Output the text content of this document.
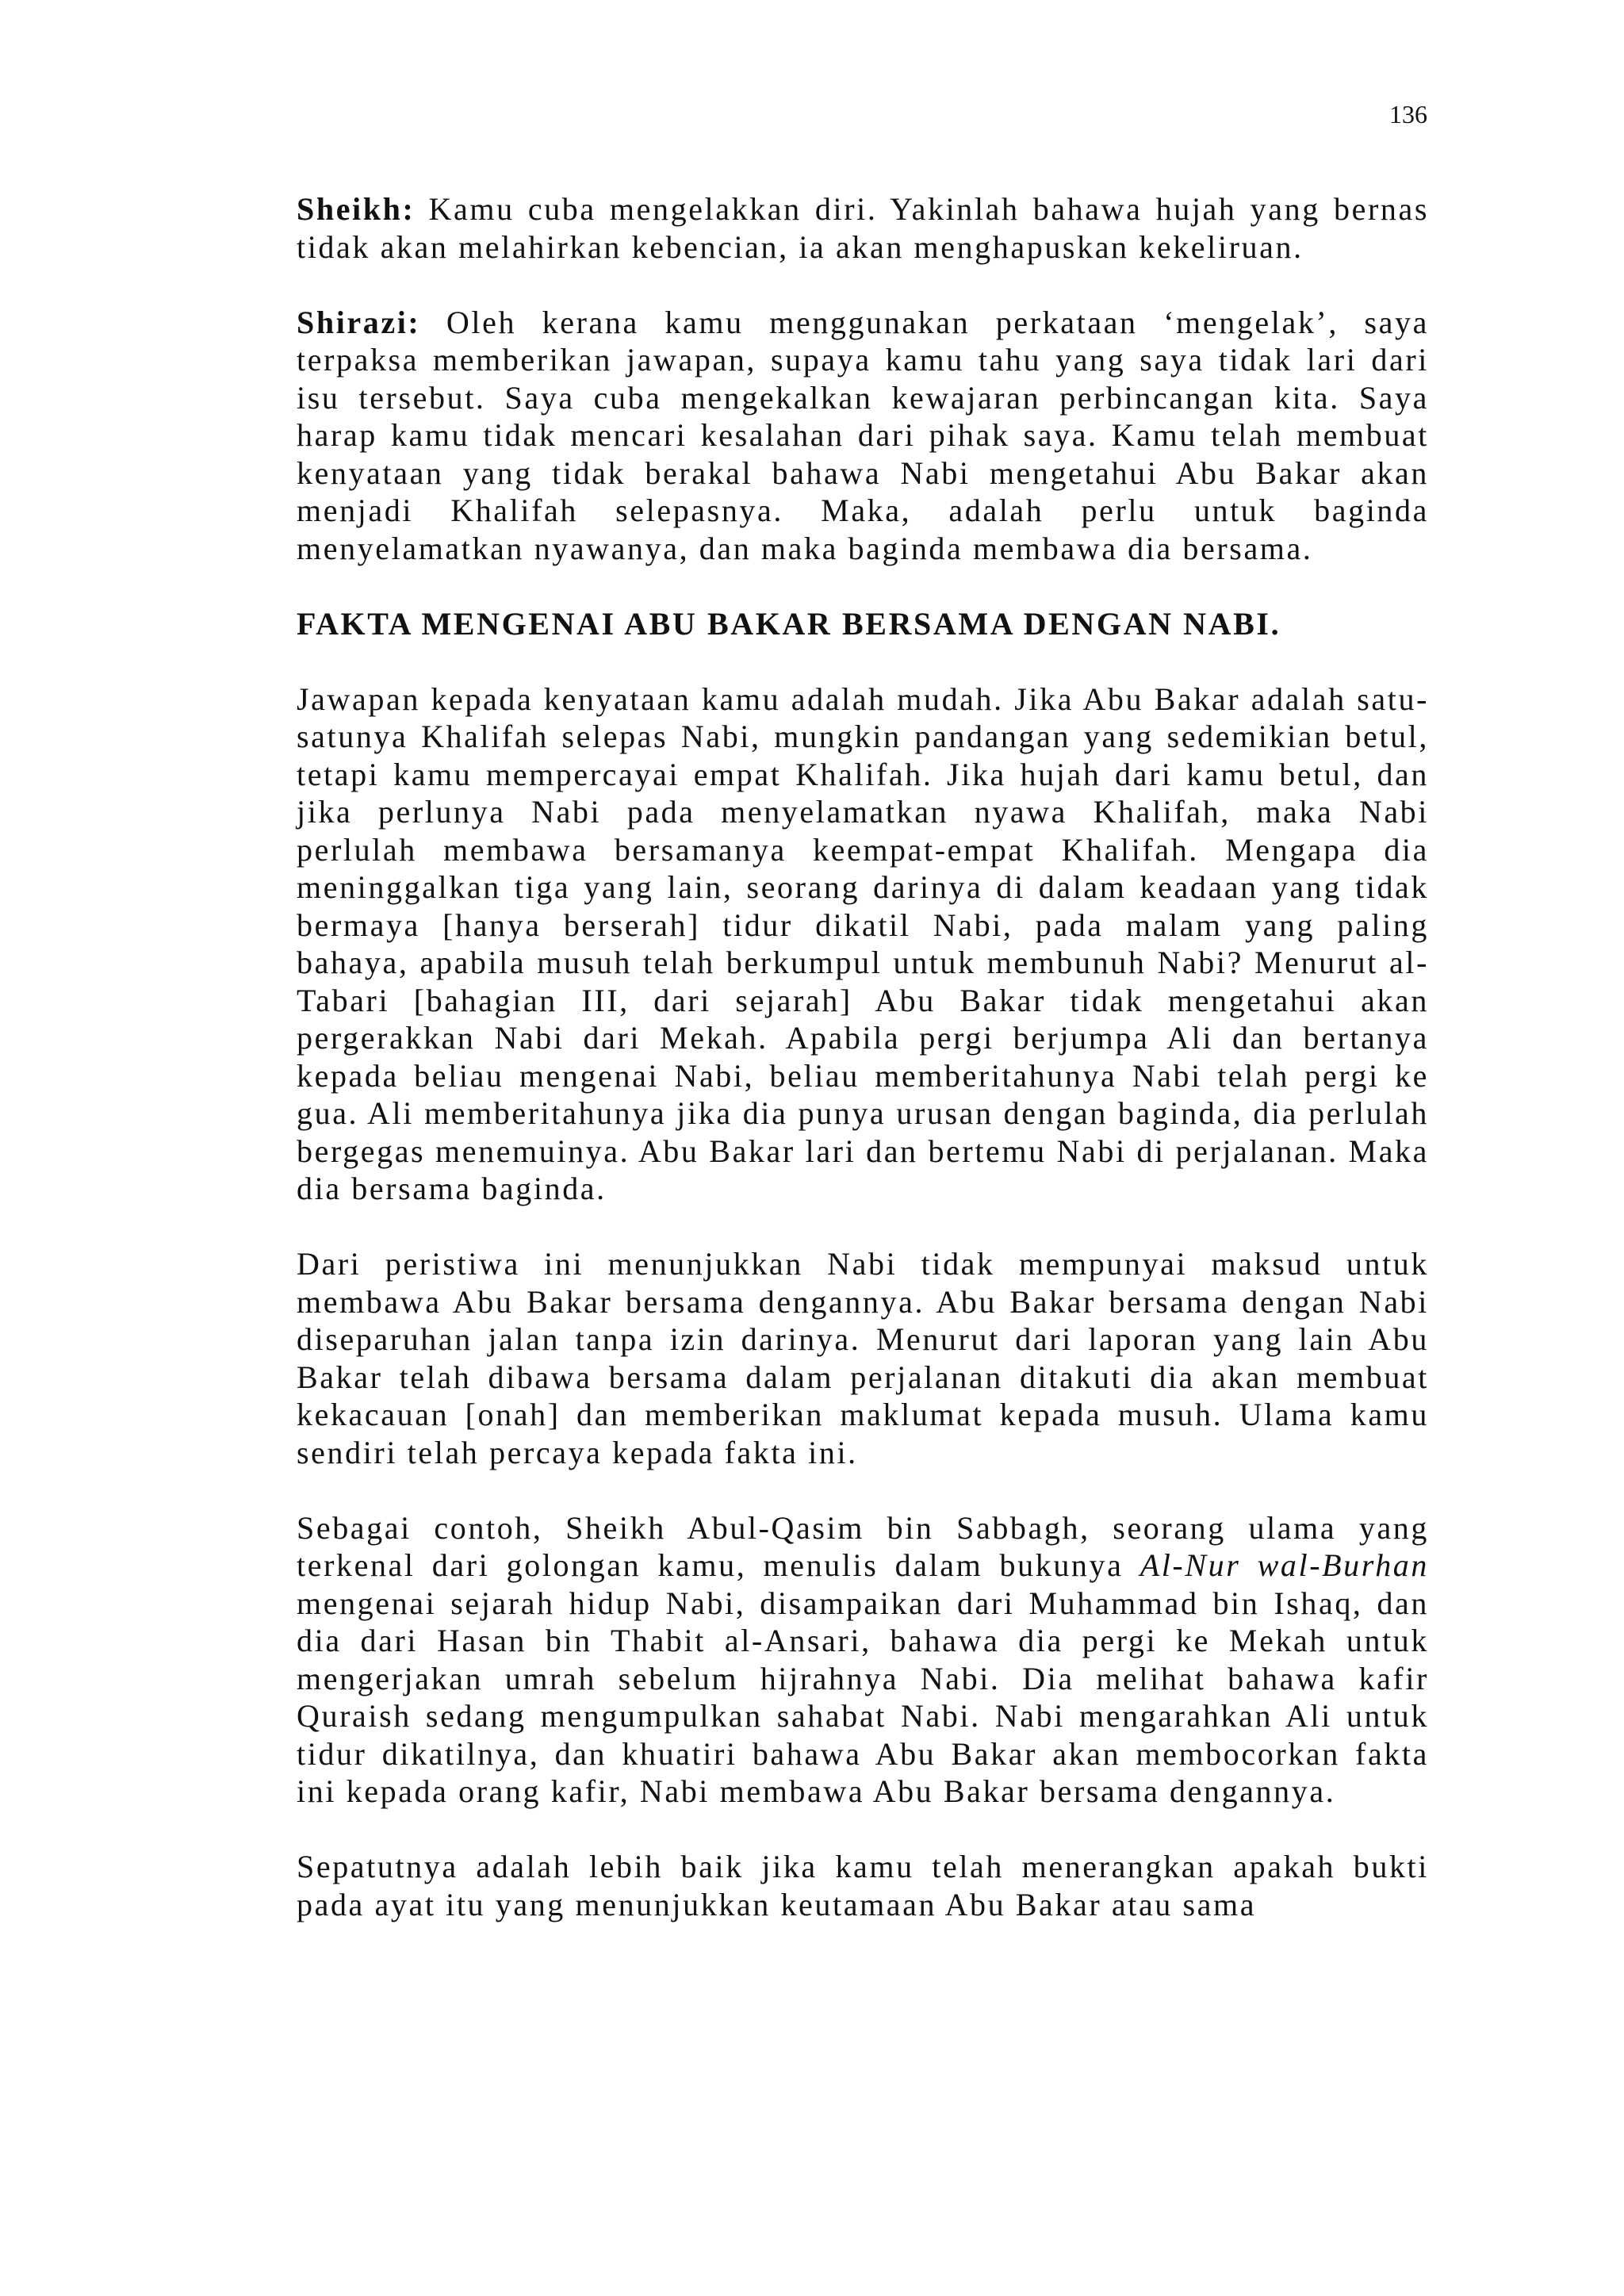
136

Sheikh: Kamu cuba mengelakkan diri. Yakinlah bahawa hujah yang bernas tidak akan melahirkan kebencian, ia akan menghapuskan kekeliruan.

Shirazi: Oleh kerana kamu menggunakan perkataan ‘mengelak’, saya terpaksa memberikan jawapan, supaya kamu tahu yang saya tidak lari dari isu tersebut. Saya cuba mengekalkan kewajaran perbincangan kita. Saya harap kamu tidak mencari kesalahan dari pihak saya. Kamu telah membuat kenyataan yang tidak berakal bahawa Nabi mengetahui Abu Bakar akan menjadi Khalifah selepasnya. Maka, adalah perlu untuk baginda menyelamatkan nyawanya, dan maka baginda membawa dia bersama.

FAKTA MENGENAI ABU BAKAR BERSAMA DENGAN NABI.

Jawapan kepada kenyataan kamu adalah mudah. Jika Abu Bakar adalah satu-satunya Khalifah selepas Nabi, mungkin pandangan yang sedemikian betul, tetapi kamu mempercayai empat Khalifah. Jika hujah dari kamu betul, dan jika perlunya Nabi pada menyelamatkan nyawa Khalifah, maka Nabi perlulah membawa bersamanya keempat-empat Khalifah. Mengapa dia meninggalkan tiga yang lain, seorang darinya di dalam keadaan yang tidak bermaya [hanya berserah] tidur dikatil Nabi, pada malam yang paling bahaya, apabila musuh telah berkumpul untuk membunuh Nabi? Menurut al-Tabari [bahagian III, dari sejarah] Abu Bakar tidak mengetahui akan pergerakkan Nabi dari Mekah. Apabila pergi berjumpa Ali dan bertanya kepada beliau mengenai Nabi, beliau memberitahunya Nabi telah pergi ke gua. Ali memberitahunya jika dia punya urusan dengan baginda, dia perlulah bergegas menemuinya. Abu Bakar lari dan bertemu Nabi di perjalanan. Maka dia bersama baginda.

Dari peristiwa ini menunjukkan Nabi tidak mempunyai maksud untuk membawa Abu Bakar bersama dengannya. Abu Bakar bersama dengan Nabi diseparuhan jalan tanpa izin darinya. Menurut dari laporan yang lain Abu Bakar telah dibawa bersama dalam perjalanan ditakuti dia akan membuat kekacauan [onah] dan memberikan maklumat kepada musuh. Ulama kamu sendiri telah percaya kepada fakta ini.

Sebagai contoh, Sheikh Abul-Qasim bin Sabbagh, seorang ulama yang terkenal dari golongan kamu, menulis dalam bukunya Al-Nur wal-Burhan mengenai sejarah hidup Nabi, disampaikan dari Muhammad bin Ishaq, dan dia dari Hasan bin Thabit al-Ansari, bahawa dia pergi ke Mekah untuk mengerjakan umrah sebelum hijrahnya Nabi. Dia melihat bahawa kafir Quraish sedang mengumpulkan sahabat Nabi. Nabi mengarahkan Ali untuk tidur dikatilnya, dan khuatiri bahawa Abu Bakar akan membocorkan fakta ini kepada orang kafir, Nabi membawa Abu Bakar bersama dengannya.

Sepatutnya adalah lebih baik jika kamu telah menerangkan apakah bukti pada ayat itu yang menunjukkan keutamaan Abu Bakar atau sama
